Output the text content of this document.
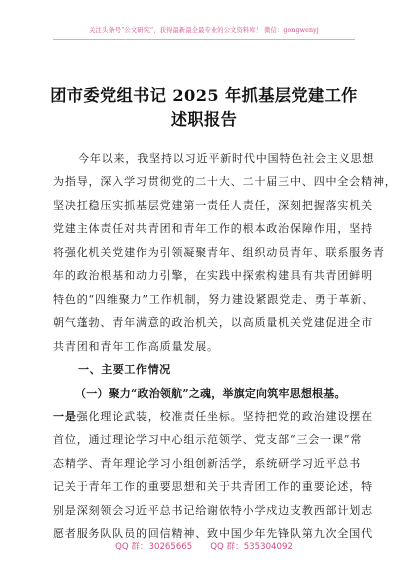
关注头条号“公文研究”，获得最新最全最专业的公文资料库！ 微信：gongwenyj
团市委党组书记 2025 年抓基层党建工作
述职报告
今年以来，我坚持以习近平新时代中国特色社会主义思想
为指导，深入学习贯彻党的二十大、二十届三中、四中全会精神，
坚决扛稳压实抓基层党建第一责任人责任，深刻把握落实机关
党建主体责任对共青团和青年工作的根本政治保障作用，坚持
将强化机关党建作为引领凝聚青年、组织动员青年、联系服务青
年的政治根基和动力引擎，在实践中探索构建具有共青团鲜明
特色的“四维聚力”工作机制，努力建设紧跟党走、勇于革新、
朝气蓬勃、青年满意的政治机关，以高质量机关党建促进全市
共青团和青年工作高质量发展。
一、主要工作情况
（一）聚力“政治领航”之魂，举旗定向筑牢思想根基。
一是强化理论武装，校准责任坐标。坚持把党的政治建设摆在
首位，通过理论学习中心组示范领学、党支部“三会一课”常
态精学、青年理论学习小组创新活学，系统研学习近平总书
记关于青年工作的重要思想和关于共青团工作的重要论述，特
别是深刻领会习近平总书记给谢依特小学戍边支教西部计划志
愿者服务队队员的回信精神、致中国少年先锋队第九次全国代
QQ 群：30265665 QQ 群：535304092
